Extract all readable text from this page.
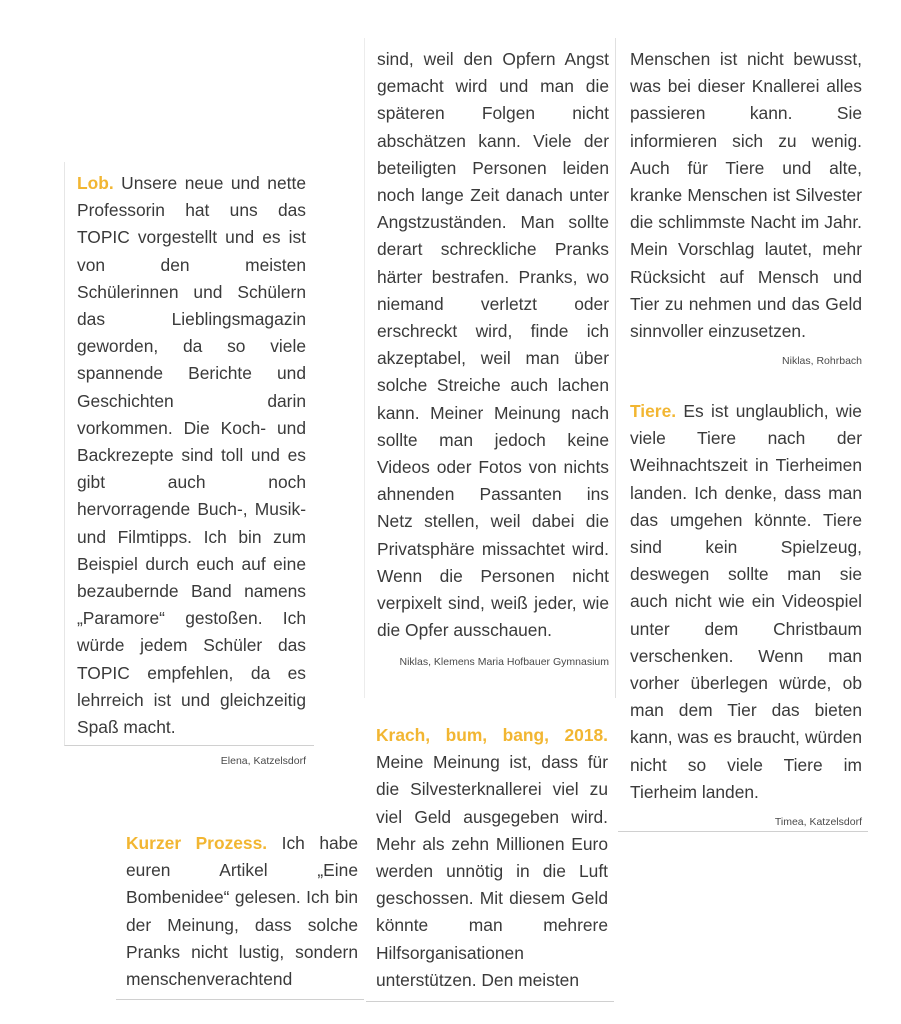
Lob. Unsere neue und nette Professorin hat uns das TOPIC vorgestellt und es ist von den meisten Schülerinnen und Schülern das Lieblingsmagazin geworden, da so viele spannende Berichte und Geschichten darin vorkommen. Die Koch- und Backrezepte sind toll und es gibt auch noch hervorragende Buch-, Musik- und Filmtipps. Ich bin zum Beispiel durch euch auf eine bezaubernde Band namens „Paramore“ gestoßen. Ich würde jedem Schüler das TOPIC empfehlen, da es lehrreich ist und gleichzeitig Spaß macht.

Elena, Katzelsdorf

Kurzer Prozess. Ich habe euren Artikel „Eine Bombenidee“ gelesen. Ich bin der Meinung, dass solche Pranks nicht lustig, sondern menschenverachtend

sind, weil den Opfern Angst gemacht wird und man die späteren Folgen nicht abschätzen kann. Viele der beteiligten Personen leiden noch lange Zeit danach unter Angstzuständen. Man sollte derart schreckliche Pranks härter bestrafen. Pranks, wo niemand verletzt oder erschreckt wird, finde ich akzeptabel, weil man über solche Streiche auch lachen kann. Meiner Meinung nach sollte man jedoch keine Videos oder Fotos von nichts ahnenden Passanten ins Netz stellen, weil dabei die Privatsphäre missachtet wird. Wenn die Personen nicht verpixelt sind, weiß jeder, wie die Opfer ausschauen.

Niklas, Klemens Maria Hofbauer Gymnasium

Krach, bum, bang, 2018. Meine Meinung ist, dass für die Silvesterknallerei viel zu viel Geld ausgegeben wird. Mehr als zehn Millionen Euro werden unnötig in die Luft geschossen. Mit diesem Geld könnte man mehrere Hilfsorganisationen unterstützen. Den meisten

Menschen ist nicht bewusst, was bei dieser Knallerei alles passieren kann. Sie informieren sich zu wenig. Auch für Tiere und alte, kranke Menschen ist Silvester die schlimmste Nacht im Jahr. Mein Vorschlag lautet, mehr Rücksicht auf Mensch und Tier zu nehmen und das Geld sinnvoller einzusetzen.

Niklas, Rohrbach

Tiere. Es ist unglaublich, wie viele Tiere nach der Weihnachtszeit in Tierheimen landen. Ich denke, dass man das umgehen könnte. Tiere sind kein Spielzeug, deswegen sollte man sie auch nicht wie ein Videospiel unter dem Christbaum verschenken. Wenn man vorher überlegen würde, ob man dem Tier das bieten kann, was es braucht, würden nicht so viele Tiere im Tierheim landen.

Timea, Katzelsdorf
